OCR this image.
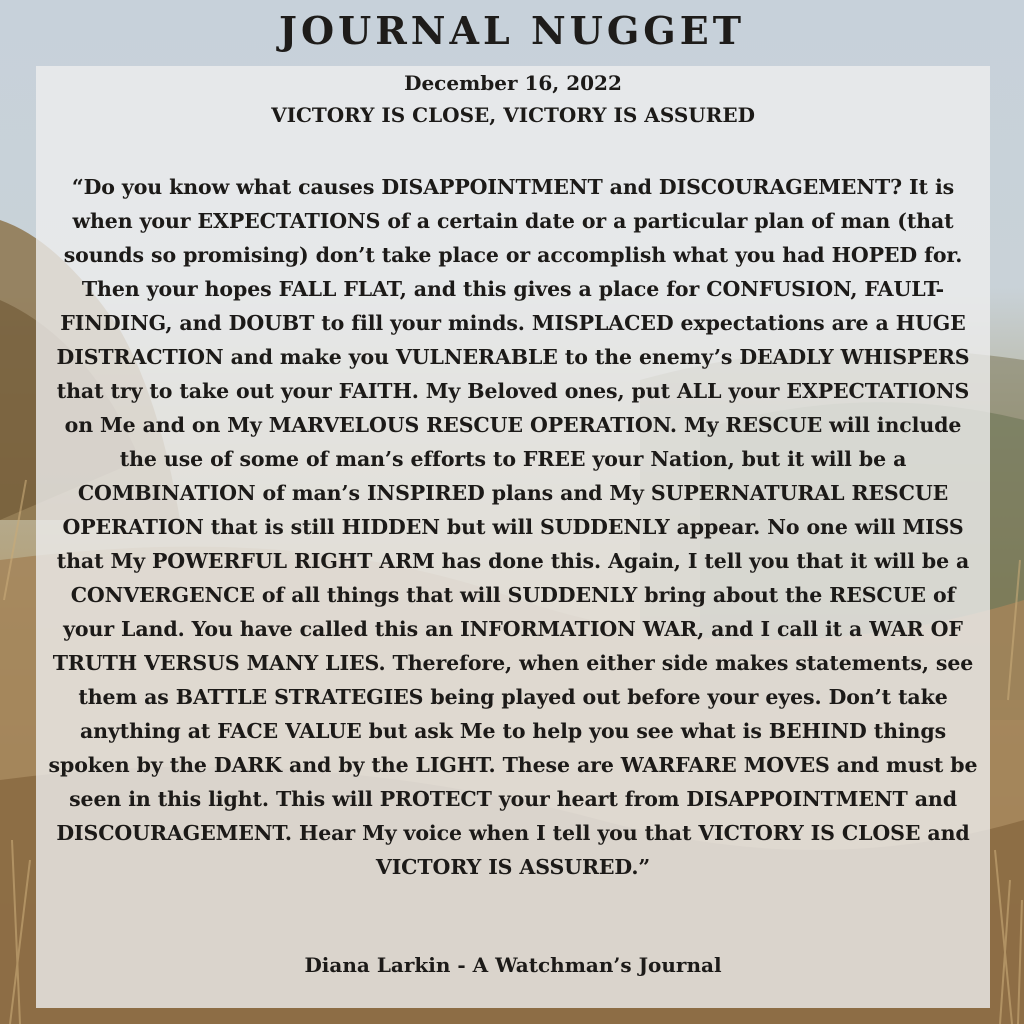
JOURNAL NUGGET
December 16, 2022
VICTORY IS CLOSE, VICTORY IS ASSURED
“Do you know what causes DISAPPOINTMENT and DISCOURAGEMENT? It is when your EXPECTATIONS of a certain date or a particular plan of man (that sounds so promising) don’t take place or accomplish what you had HOPED for. Then your hopes FALL FLAT, and this gives a place for CONFUSION, FAULT-FINDING, and DOUBT to fill your minds. MISPLACED expectations are a HUGE DISTRACTION and make you VULNERABLE to the enemy’s DEADLY WHISPERS that try to take out your FAITH. My Beloved ones, put ALL your EXPECTATIONS on Me and on My MARVELOUS RESCUE OPERATION. My RESCUE will include the use of some of man’s efforts to FREE your Nation, but it will be a COMBINATION of man’s INSPIRED plans and My SUPERNATURAL RESCUE OPERATION that is still HIDDEN but will SUDDENLY appear. No one will MISS that My POWERFUL RIGHT ARM has done this. Again, I tell you that it will be a CONVERGENCE of all things that will SUDDENLY bring about the RESCUE of your Land. You have called this an INFORMATION WAR, and I call it a WAR OF TRUTH VERSUS MANY LIES. Therefore, when either side makes statements, see them as BATTLE STRATEGIES being played out before your eyes. Don’t take anything at FACE VALUE but ask Me to help you see what is BEHIND things spoken by the DARK and by the LIGHT. These are WARFARE MOVES and must be seen in this light. This will PROTECT your heart from DISAPPOINTMENT and DISCOURAGEMENT. Hear My voice when I tell you that VICTORY IS CLOSE and VICTORY IS ASSURED.”
Diana Larkin - A Watchman’s Journal
